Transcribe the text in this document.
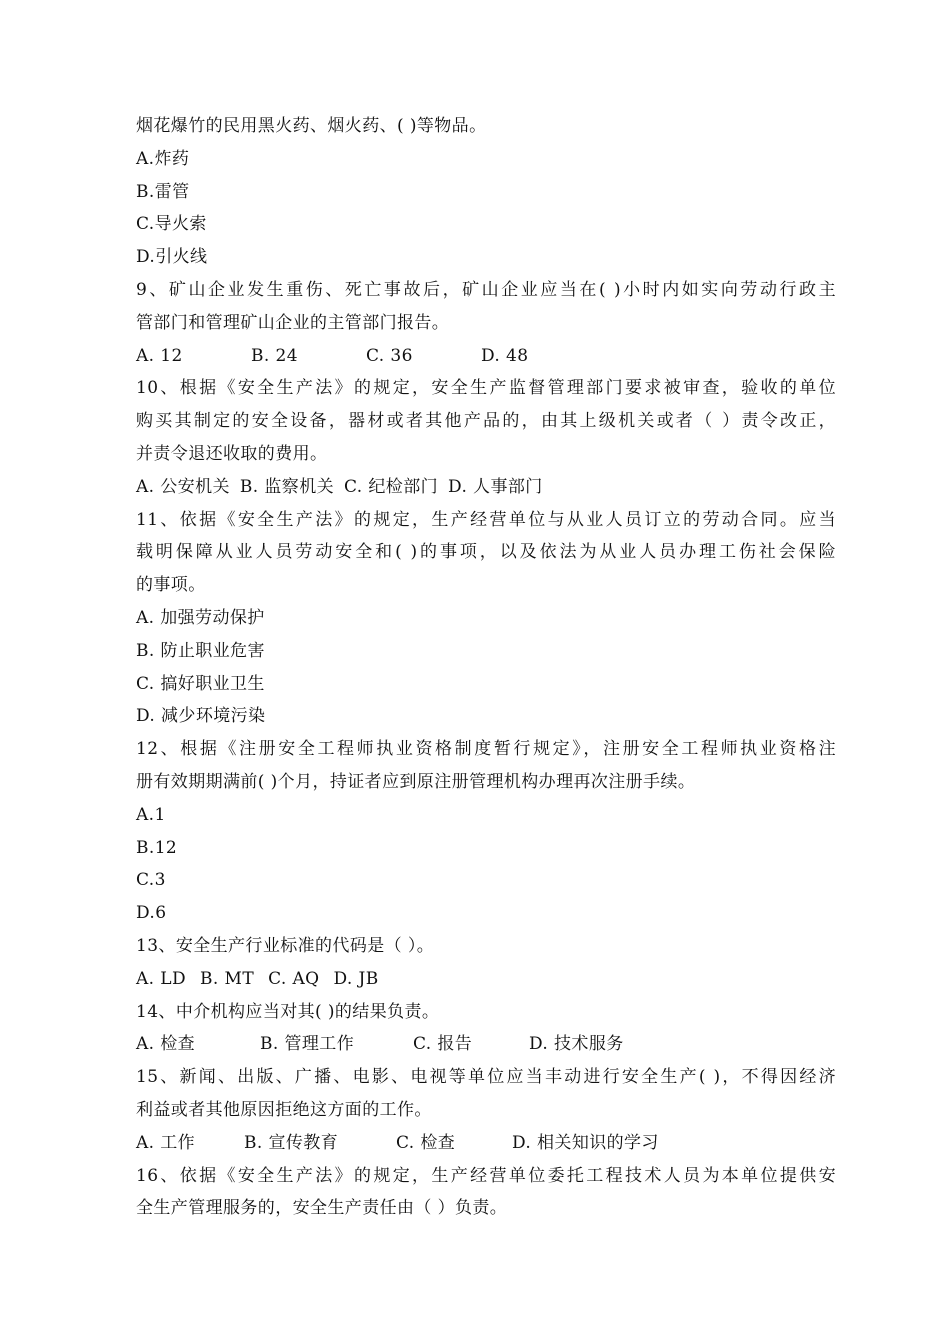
烟花爆竹的民用黑火药、烟火药、( )等物品。
A.炸药
B.雷管
C.导火索
D.引火线
9、矿山企业发生重伤、死亡事故后，矿山企业应当在( )小时内如实向劳动行政主
管部门和管理矿山企业的主管部门报告。
A. 12	B. 24	C. 36	D. 48
10、根据《安全生产法》的规定，安全生产监督管理部门要求被审查，验收的单位
购买其制定的安全设备，器材或者其他产品的，由其上级机关或者（ ）责令改正，
并责令退还收取的费用。
A. 公安机关 B. 监察机关 C. 纪检部门 D. 人事部门
11、依据《安全生产法》的规定，生产经营单位与从业人员订立的劳动合同。应当
载明保障从业人员劳动安全和( )的事项，以及依法为从业人员办理工伤社会保险
的事项。
A. 加强劳动保护
B. 防止职业危害
C. 搞好职业卫生
D. 减少环境污染
12、根据《注册安全工程师执业资格制度暂行规定》，注册安全工程师执业资格注
册有效期期满前( )个月，持证者应到原注册管理机构办理再次注册手续。
A.1
B.12
C.3
D.6
13、安全生产行业标准的代码是（ ）。
A. LD B. MT C. AQ D. JB
14、中介机构应当对其( )的结果负责。
A. 检查	B. 管理工作	C. 报告	D. 技术服务
15、新闻、出版、广播、电影、电视等单位应当丰动进行安全生产( )，不得因经济
利益或者其他原因拒绝这方面的工作。
A. 工作	B. 宣传教育	C. 检查	D. 相关知识的学习
16、依据《安全生产法》的规定，生产经营单位委托工程技术人员为本单位提供安
全生产管理服务的，安全生产责任由（ ）负责。
